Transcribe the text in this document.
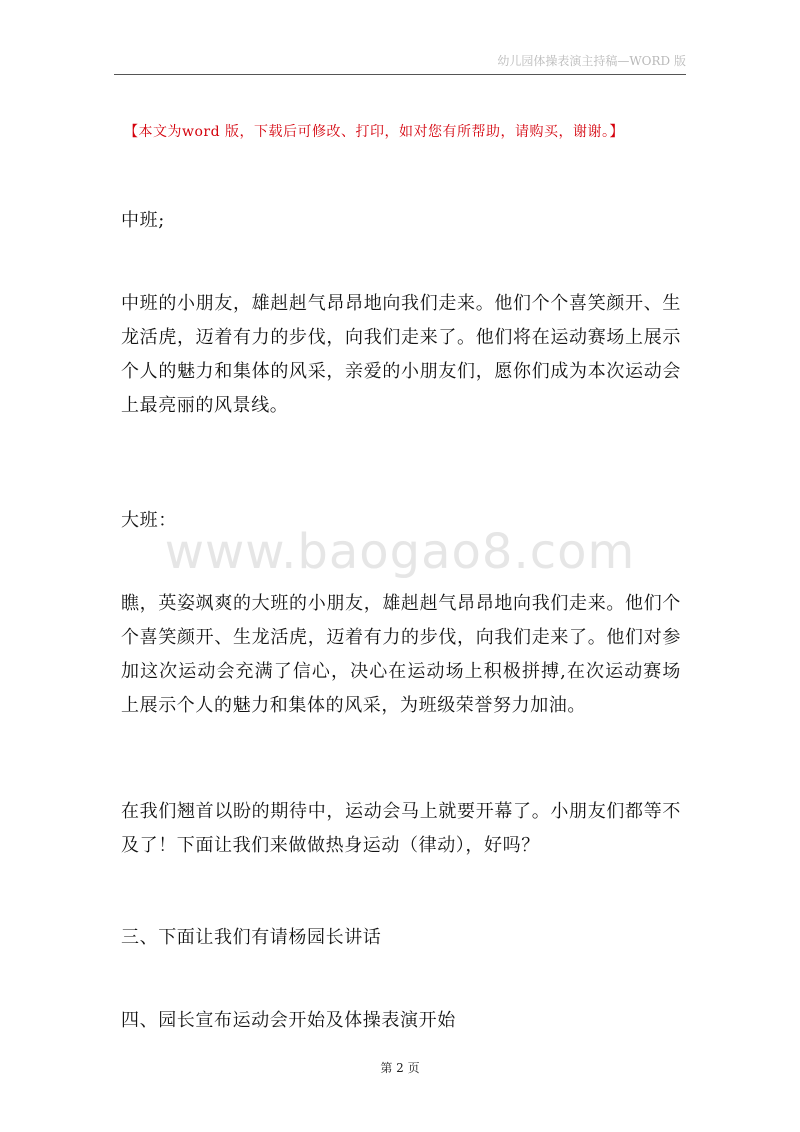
幼儿园体操表演主持稿—WORD 版
【本文为word 版，下载后可修改、打印，如对您有所帮助，请购买，谢谢。】
中班;
中班的小朋友，雄赳赳气昂昂地向我们走来。他们个个喜笑颜开、生龙活虎，迈着有力的步伐，向我们走来了。他们将在运动赛场上展示个人的魅力和集体的风采，亲爱的小朋友们，愿你们成为本次运动会上最亮丽的风景线。
大班：
www.baogao8.com
瞧，英姿飒爽的大班的小朋友，雄赳赳气昂昂地向我们走来。他们个个喜笑颜开、生龙活虎，迈着有力的步伐，向我们走来了。他们对参加这次运动会充满了信心，决心在运动场上积极拼搏,在次运动赛场上展示个人的魅力和集体的风采，为班级荣誉努力加油。
在我们翘首以盼的期待中，运动会马上就要开幕了。小朋友们都等不及了！下面让我们来做做热身运动（律动），好吗？
三、下面让我们有请杨园长讲话
四、园长宣布运动会开始及体操表演开始
第 2 页
